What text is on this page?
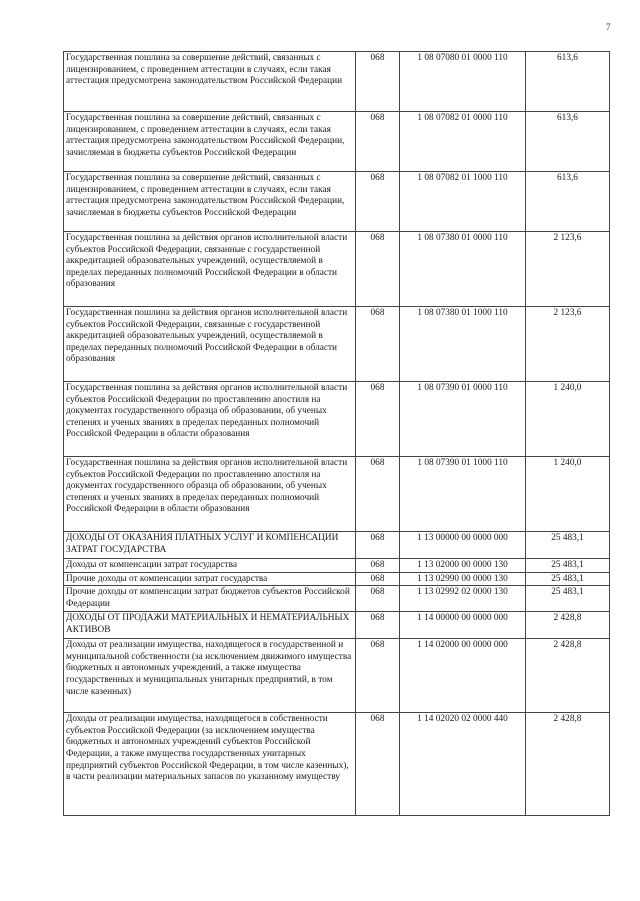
7
Государственная пошлина за совершение действий, связанных с лицензированием, с проведением аттестации в случаях, если такая аттестация предусмотрена законодательством Российской Федерации	068	1 08 07080 01 0000 110	613,6
Государственная пошлина за совершение действий, связанных с лицензированием, с проведением аттестации в случаях, если такая аттестация предусмотрена законодательством Российской Федерации, зачисляемая в бюджеты субъектов Российской Федерации	068	1 08 07082 01 0000 110	613,6
Государственная пошлина за совершение действий, связанных с лицензированием, с проведением аттестации в случаях, если такая аттестация предусмотрена законодательством Российской Федерации, зачисляемая в бюджеты субъектов Российской Федерации	068	1 08 07082 01 1000 110	613,6
Государственная пошлина за действия органов исполнительной власти субъектов Российской Федерации, связанные с государственной аккредитацией образовательных учреждений, осуществляемой в пределах переданных полномочий Российской Федерации в области образования	068	1 08 07380 01 0000 110	2 123,6
Государственная пошлина за действия органов исполнительной власти субъектов Российской Федерации, связанные с государственной аккредитацией образовательных учреждений, осуществляемой в пределах переданных полномочий Российской Федерации в области образования	068	1 08 07380 01 1000 110	2 123,6
Государственная пошлина за действия органов исполнительной власти субъектов Российской Федерации по проставлению апостиля на документах государственного образца об образовании, об ученых степенях и ученых званиях в пределах переданных полномочий Российской Федерации в области образования	068	1 08 07390 01 0000 110	1 240,0
Государственная пошлина за действия органов исполнительной власти субъектов Российской Федерации по проставлению апостиля на документах государственного образца об образовании, об ученых степенях и ученых званиях в пределах переданных полномочий Российской Федерации в области образования	068	1 08 07390 01 1000 110	1 240,0
ДОХОДЫ ОТ ОКАЗАНИЯ ПЛАТНЫХ УСЛУГ И КОМПЕНСАЦИИ ЗАТРАТ ГОСУДАРСТВА	068	1 13 00000 00 0000 000	25 483,1
Доходы от компенсации затрат государства	068	1 13 02000 00 0000 130	25 483,1
Прочие доходы от компенсации затрат государства	068	1 13 02990 00 0000 130	25 483,1
Прочие доходы от компенсации затрат бюджетов субъектов Российской Федерации	068	1 13 02992 02 0000 130	25 483,1
ДОХОДЫ ОТ ПРОДАЖИ МАТЕРИАЛЬНЫХ И НЕМАТЕРИАЛЬНЫХ АКТИВОВ	068	1 14 00000 00 0000 000	2 428,8
Доходы от реализации имущества, находящегося в государственной и муниципальной собственности (за исключением движимого имущества бюджетных и автономных учреждений, а также имущества государственных и муниципальных унитарных предприятий, в том числе казенных)	068	1 14 02000 00 0000 000	2 428,8
Доходы от реализации имущества, находящегося в собственности субъектов Российской Федерации (за исключением имущества бюджетных и автономных учреждений субъектов Российской Федерации, а также имущества государственных унитарных предприятий субъектов Российской Федерации, в том числе казенных), в части реализации материальных запасов по указанному имуществу	068	1 14 02020 02 0000 440	2 428,8
